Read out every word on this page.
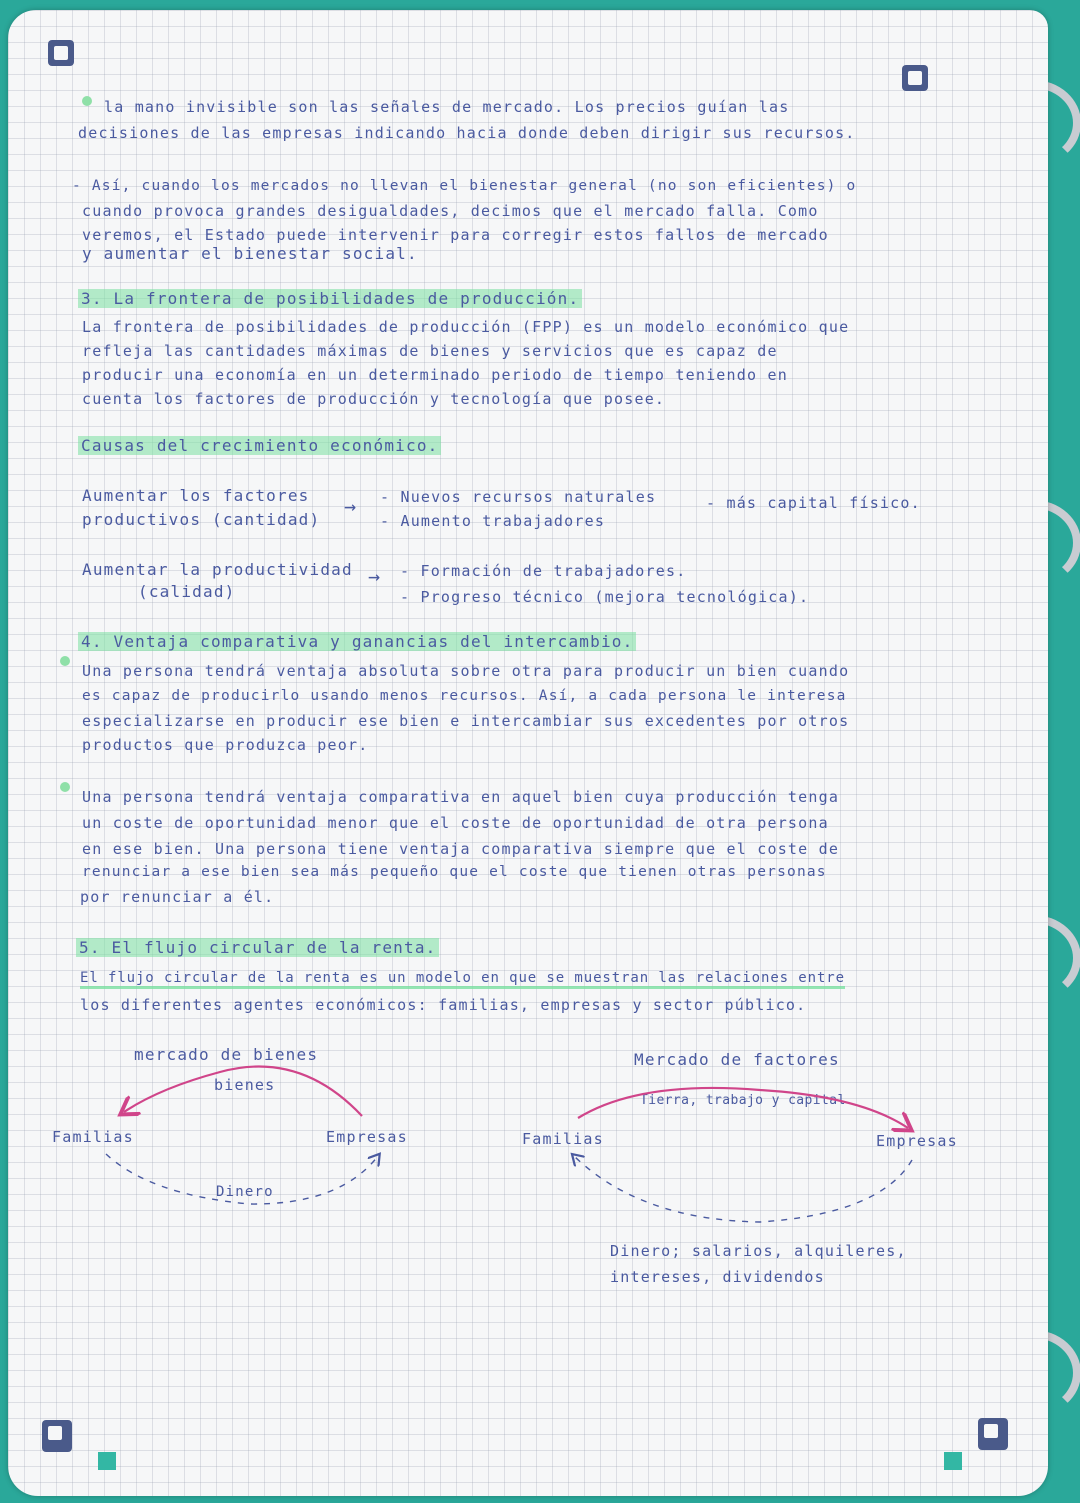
la mano invisible son las señales de mercado. Los precios guían las
decisiones de las empresas indicando hacia donde deben dirigir sus recursos.
- Así, cuando los mercados no llevan el bienestar general (no son eficientes) o
cuando provoca grandes desigualdades, decimos que el mercado falla. Como
veremos, el Estado puede intervenir para corregir estos fallos de mercado
y aumentar el bienestar social.
3. La frontera de posibilidades de producción.
La frontera de posibilidades de producción (FPP) es un modelo económico que
refleja las cantidades máximas de bienes y servicios que es capaz de
producir una economía en un determinado periodo de tiempo teniendo en
cuenta los factores de producción y tecnología que posee.
Causas del crecimiento económico.
Aumentar los factores
productivos (cantidad)
→ - Nuevos recursos naturales	- más capital físico.
- Aumento trabajadores
Aumentar la productividad
(calidad)
→ - Formación de trabajadores.
- Progreso técnico (mejora tecnológica).
4. Ventaja comparativa y ganancias del intercambio.
Una persona tendrá ventaja absoluta sobre otra para producir un bien cuando
es capaz de producirlo usando menos recursos. Así, a cada persona le interesa
especializarse en producir ese bien e intercambiar sus excedentes por otros
productos que produzca peor.
Una persona tendrá ventaja comparativa en aquel bien cuya producción tenga
un coste de oportunidad menor que el coste de oportunidad de otra persona
en ese bien. Una persona tiene ventaja comparativa siempre que el coste de
renunciar a ese bien sea más pequeño que el coste que tienen otras personas
por renunciar a él.
5. El flujo circular de la renta.
El flujo circular de la renta es un modelo en que se muestran las relaciones entre
los diferentes agentes económicos: familias, empresas y sector público.
mercado de bienes
bienes
Familias	Empresas
Dinero
Mercado de factores
Tierra, trabajo y capital
Familias	Empresas
Dinero; salarios, alquileres,
intereses, dividendos
